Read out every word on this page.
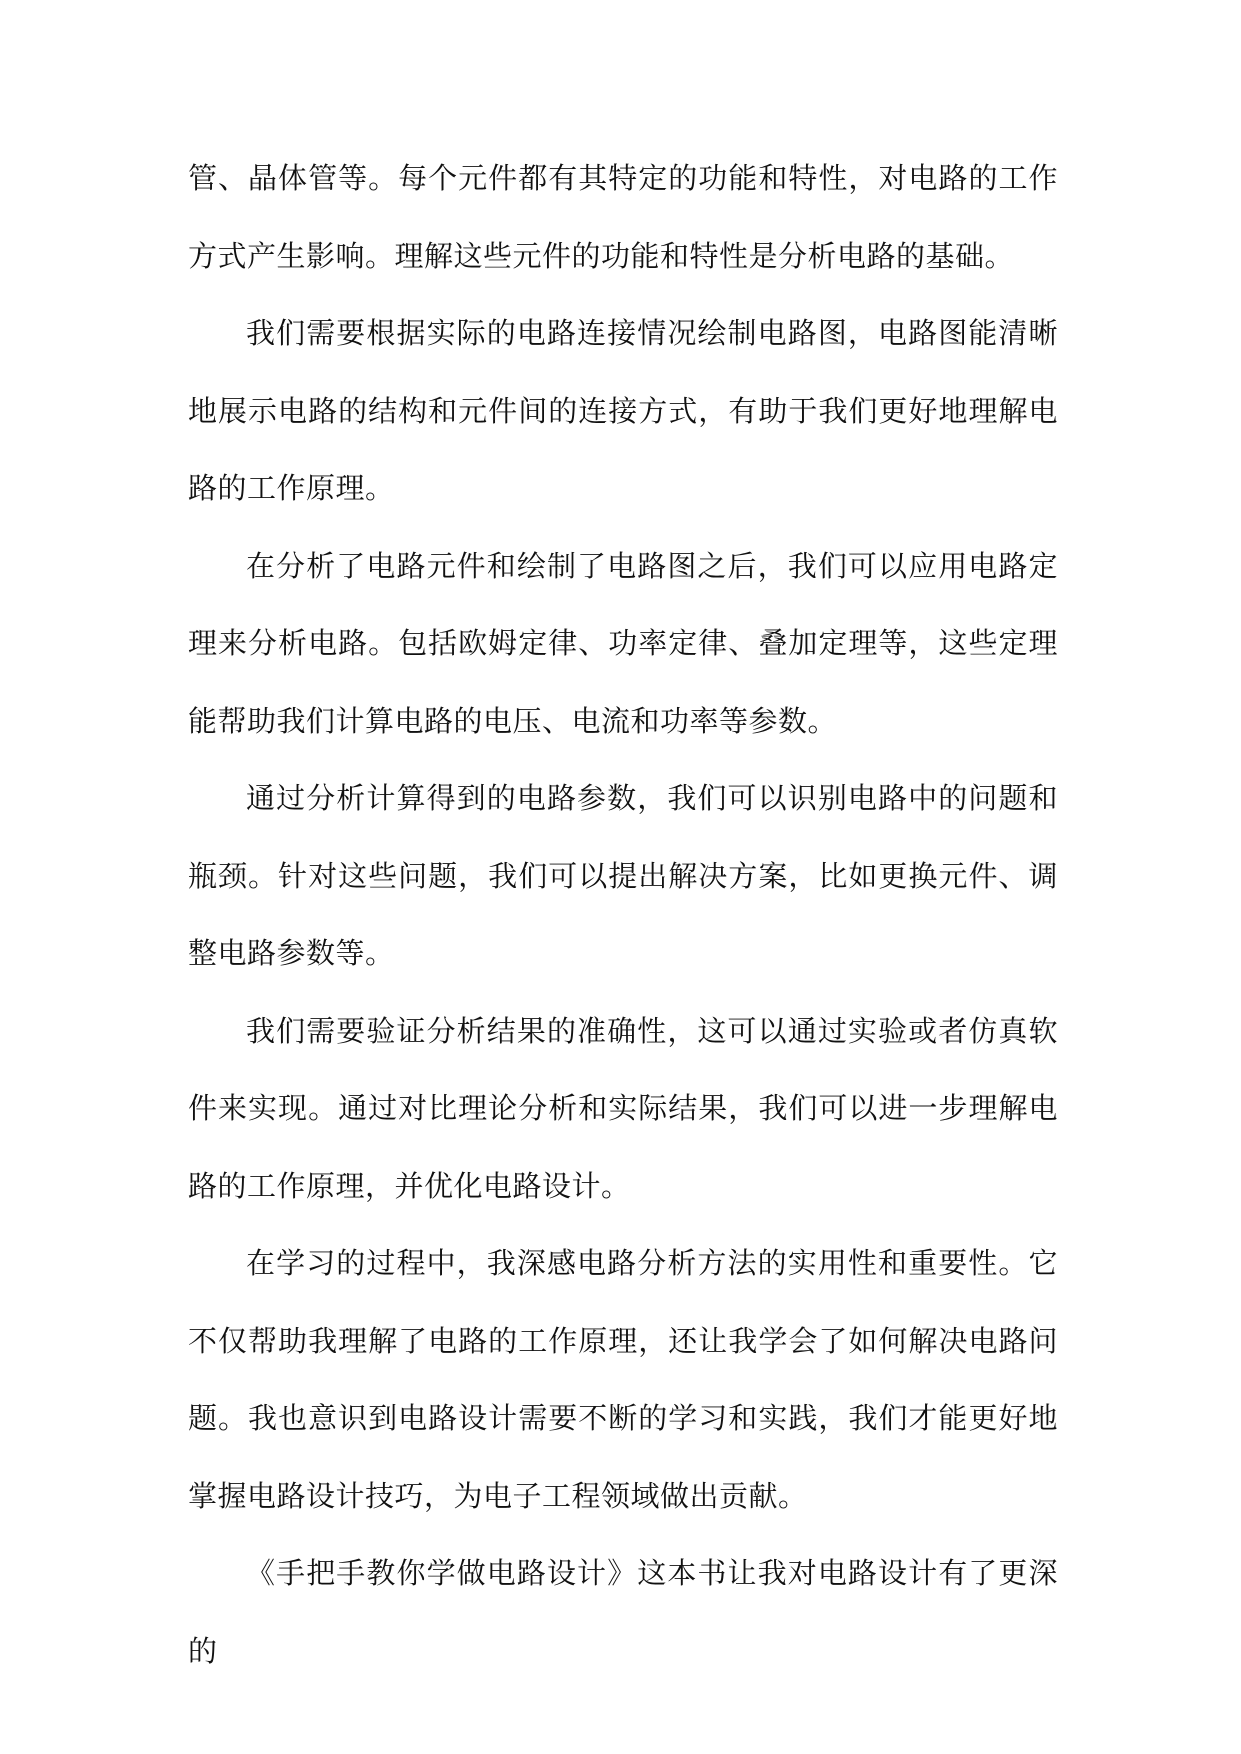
管、晶体管等。每个元件都有其特定的功能和特性，对电路的工作方式产生影响。理解这些元件的功能和特性是分析电路的基础。

我们需要根据实际的电路连接情况绘制电路图，电路图能清晰地展示电路的结构和元件间的连接方式，有助于我们更好地理解电路的工作原理。

在分析了电路元件和绘制了电路图之后，我们可以应用电路定理来分析电路。包括欧姆定律、功率定律、叠加定理等，这些定理能帮助我们计算电路的电压、电流和功率等参数。

通过分析计算得到的电路参数，我们可以识别电路中的问题和瓶颈。针对这些问题，我们可以提出解决方案，比如更换元件、调整电路参数等。

我们需要验证分析结果的准确性，这可以通过实验或者仿真软件来实现。通过对比理论分析和实际结果，我们可以进一步理解电路的工作原理，并优化电路设计。

在学习的过程中，我深感电路分析方法的实用性和重要性。它不仅帮助我理解了电路的工作原理，还让我学会了如何解决电路问题。我也意识到电路设计需要不断的学习和实践，我们才能更好地掌握电路设计技巧，为电子工程领域做出贡献。

《手把手教你学做电路设计》这本书让我对电路设计有了更深的
